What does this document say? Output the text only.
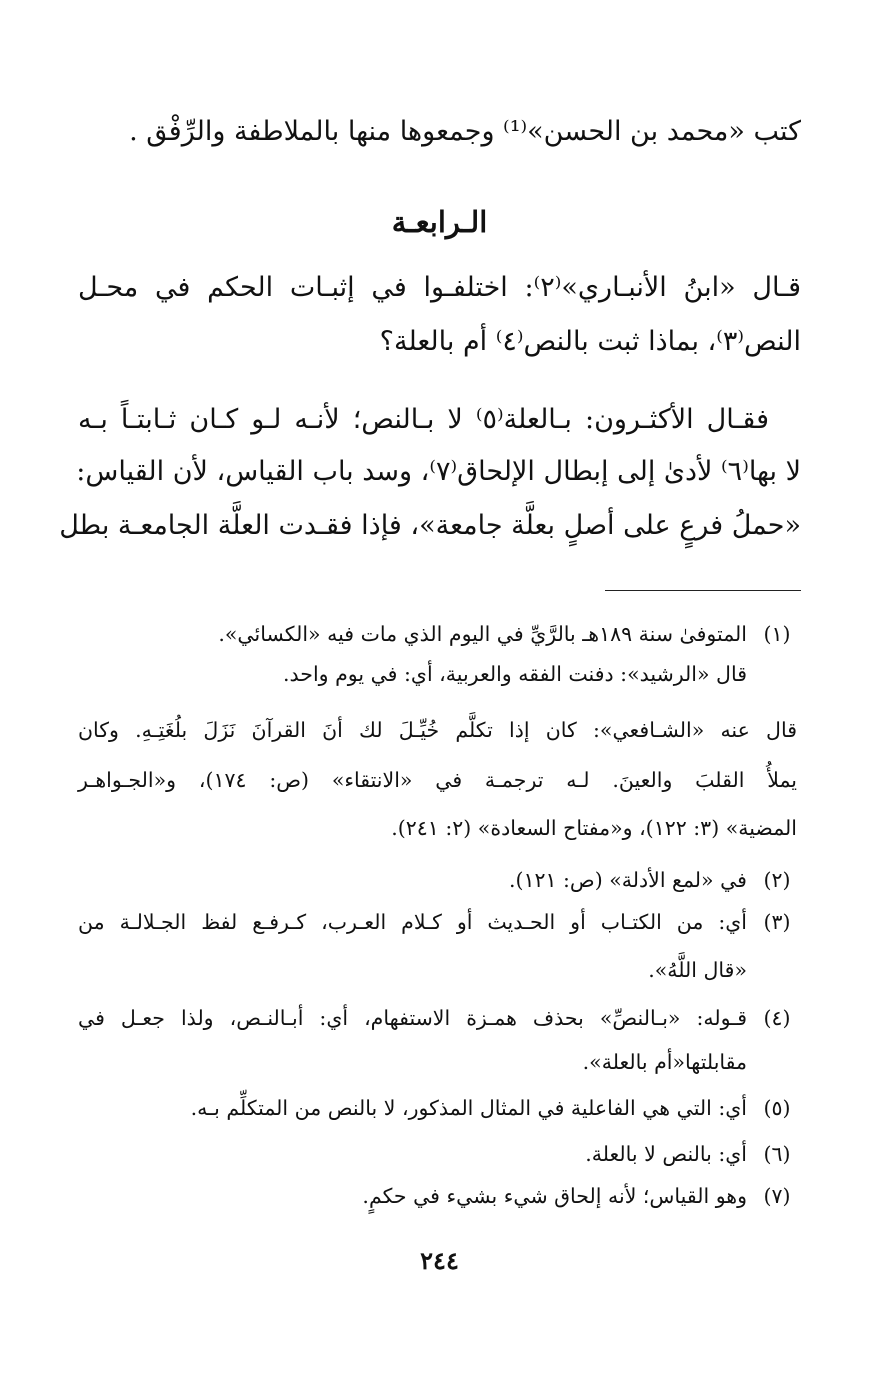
كتب «محمد بن الحسن»⁽¹⁾ وجمعوها منها بالملاطفة والرِّفْق .
الـرابعـة
قـال «ابنُ الأنبـاري»⁽٢⁾: اختلفـوا في إثبـات الحكم في محـل
النص⁽٣⁾، بماذا ثبت بالنص⁽٤⁾ أم بالعلة؟
فقـال الأكثـرون: بـالعلة⁽٥⁾ لا بـالنص؛ لأنـه لـو كـان ثـابتـاً بـه
لا بها⁽٦⁾ لأدىٰ إلى إبطال الإلحاق⁽٧⁾، وسد باب القياس، لأن القياس:
«حملُ فرعٍ على أصلٍ بعلَّة جامعة»، فإذا فقـدت العلَّة الجامعـة بطل
(١)
المتوفىٰ سنة ١٨٩هـ بالرَّيِّ في اليوم الذي مات فيه «الكسائي».
قال «الرشيد»: دفنت الفقه والعربية، أي: في يوم واحد.
قال عنه «الشـافعي»: كان إذا تكلَّم خُيِّـلَ لك أنَ القرآنَ نَزَلَ بلُغَتِـهِ. وكان
يملأُ القلبَ والعينَ. لـه ترجمـة في «الانتقاء» (ص: ١٧٤)، و«الجـواهـر
المضية» (٣: ١٢٢)، و«مفتاح السعادة» (٢: ٢٤١).
(٢)
في «لمع الأدلة» (ص: ١٢١).
(٣)
أي: من الكتـاب أو الحـديث أو كـلام العـرب، كـرفـع لفظ الجـلالـة من
«قال اللَّهُ».
(٤)
قـوله: «بـالنصِّ» بحذف همـزة الاستفهام، أي: أبـالنـص، ولذا جعـل في
مقابلتها«أم بالعلة».
(٥)
أي: التي هي الفاعلية في المثال المذكور، لا بالنص من المتكلِّم بـه.
(٦)
أي: بالنص لا بالعلة.
(٧)
وهو القياس؛ لأنه إلحاق شيء بشيء في حكمٍ.
٢٤٤
